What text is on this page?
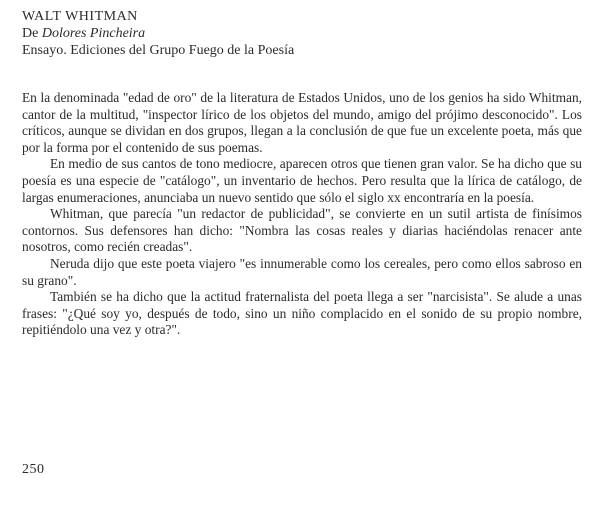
WALT WHITMAN
De Dolores Pincheira
Ensayo. Ediciones del Grupo Fuego de la Poesía

En la denominada "edad de oro" de la literatura de Estados Unidos, uno de los genios ha sido Whitman, cantor de la multitud, "inspector lírico de los objetos del mundo, amigo del prójimo desconocido". Los críticos, aunque se dividan en dos grupos, llegan a la conclusión de que fue un excelente poeta, más que por la forma por el contenido de sus poemas.

En medio de sus cantos de tono mediocre, aparecen otros que tienen gran valor. Se ha dicho que su poesía es una especie de "catálogo", un inventario de hechos. Pero resulta que la lírica de catálogo, de largas enumeraciones, anunciaba un nuevo sentido que sólo el siglo xx encontraría en la poesía.

Whitman, que parecía "un redactor de publicidad", se convierte en un sutil artista de finísimos contornos. Sus defensores han dicho: "Nombra las cosas reales y diarias haciéndolas renacer ante nosotros, como recién creadas".

Neruda dijo que este poeta viajero "es innumerable como los cereales, pero como ellos sabroso en su grano".

También se ha dicho que la actitud fraternalista del poeta llega a ser "narcisista". Se alude a unas frases: "¿Qué soy yo, después de todo, sino un niño complacido en el sonido de su propio nombre, repitiéndolo una vez y otra?".

250
